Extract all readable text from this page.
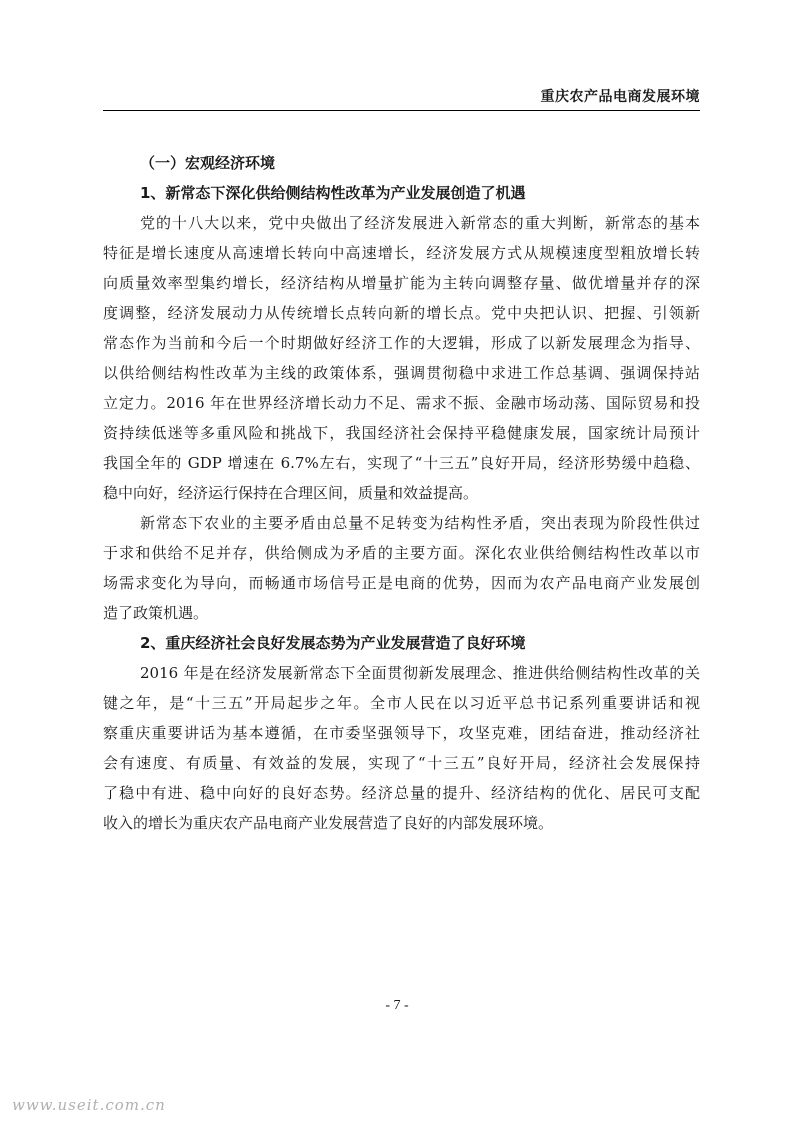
重庆农产品电商发展环境
（一）宏观经济环境
1、新常态下深化供给侧结构性改革为产业发展创造了机遇
党的十八大以来，党中央做出了经济发展进入新常态的重大判断，新常态的基本
特征是增长速度从高速增长转向中高速增长，经济发展方式从规模速度型粗放增长转
向质量效率型集约增长，经济结构从增量扩能为主转向调整存量、做优增量并存的深
度调整，经济发展动力从传统增长点转向新的增长点。党中央把认识、把握、引领新
常态作为当前和今后一个时期做好经济工作的大逻辑，形成了以新发展理念为指导、
以供给侧结构性改革为主线的政策体系，强调贯彻稳中求进工作总基调、强调保持站
立定力。2016 年在世界经济增长动力不足、需求不振、金融市场动荡、国际贸易和投
资持续低迷等多重风险和挑战下，我国经济社会保持平稳健康发展，国家统计局预计
我国全年的 GDP 增速在 6.7%左右，实现了“十三五”良好开局，经济形势缓中趋稳、
稳中向好，经济运行保持在合理区间，质量和效益提高。
新常态下农业的主要矛盾由总量不足转变为结构性矛盾，突出表现为阶段性供过
于求和供给不足并存，供给侧成为矛盾的主要方面。深化农业供给侧结构性改革以市
场需求变化为导向，而畅通市场信号正是电商的优势，因而为农产品电商产业发展创
造了政策机遇。
2、重庆经济社会良好发展态势为产业发展营造了良好环境
2016 年是在经济发展新常态下全面贯彻新发展理念、推进供给侧结构性改革的关
键之年，是“十三五”开局起步之年。全市人民在以习近平总书记系列重要讲话和视
察重庆重要讲话为基本遵循，在市委坚强领导下，攻坚克难，团结奋进，推动经济社
会有速度、有质量、有效益的发展，实现了“十三五”良好开局，经济社会发展保持
了稳中有进、稳中向好的良好态势。经济总量的提升、经济结构的优化、居民可支配
收入的增长为重庆农产品电商产业发展营造了良好的内部发展环境。
- 7 -
www.useit.com.cn
